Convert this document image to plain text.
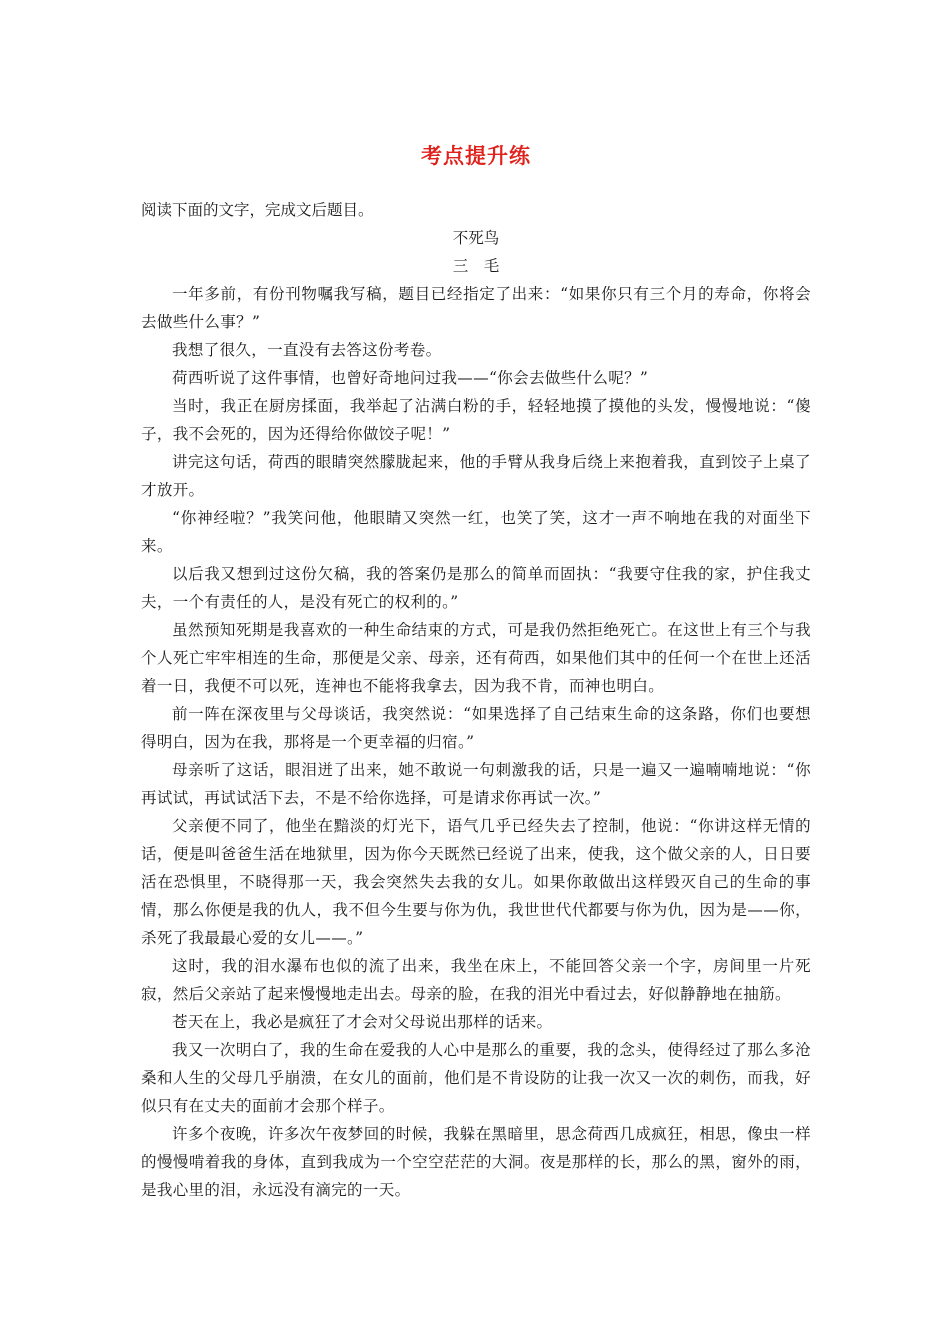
考点提升练

阅读下面的文字，完成文后题目。

不死鸟

三　毛

一年多前，有份刊物嘱我写稿，题目已经指定了出来：“如果你只有三个月的寿命，你将会去做些什么事？”

我想了很久，一直没有去答这份考卷。

荷西听说了这件事情，也曾好奇地问过我——“你会去做些什么呢？”

当时，我正在厨房揉面，我举起了沾满白粉的手，轻轻地摸了摸他的头发，慢慢地说：“傻子，我不会死的，因为还得给你做饺子呢！”

讲完这句话，荷西的眼睛突然朦胧起来，他的手臂从我身后绕上来抱着我，直到饺子上桌了才放开。

“你神经啦？”我笑问他，他眼睛又突然一红，也笑了笑，这才一声不响地在我的对面坐下来。

以后我又想到过这份欠稿，我的答案仍是那么的简单而固执：“我要守住我的家，护住我丈夫，一个有责任的人，是没有死亡的权利的。”

虽然预知死期是我喜欢的一种生命结束的方式，可是我仍然拒绝死亡。在这世上有三个与我个人死亡牢牢相连的生命，那便是父亲、母亲，还有荷西，如果他们其中的任何一个在世上还活着一日，我便不可以死，连神也不能将我拿去，因为我不肯，而神也明白。

前一阵在深夜里与父母谈话，我突然说：“如果选择了自己结束生命的这条路，你们也要想得明白，因为在我，那将是一个更幸福的归宿。”

母亲听了这话，眼泪迸了出来，她不敢说一句刺激我的话，只是一遍又一遍喃喃地说：“你再试试，再试试活下去，不是不给你选择，可是请求你再试一次。”

父亲便不同了，他坐在黯淡的灯光下，语气几乎已经失去了控制，他说：“你讲这样无情的话，便是叫爸爸生活在地狱里，因为你今天既然已经说了出来，使我，这个做父亲的人，日日要活在恐惧里，不晓得那一天，我会突然失去我的女儿。如果你敢做出这样毁灭自己的生命的事情，那么你便是我的仇人，我不但今生要与你为仇，我世世代代都要与你为仇，因为是——你，杀死了我最最心爱的女儿——。”

这时，我的泪水瀑布也似的流了出来，我坐在床上，不能回答父亲一个字，房间里一片死寂，然后父亲站了起来慢慢地走出去。母亲的脸，在我的泪光中看过去，好似静静地在抽筋。

苍天在上，我必是疯狂了才会对父母说出那样的话来。

我又一次明白了，我的生命在爱我的人心中是那么的重要，我的念头，使得经过了那么多沧桑和人生的父母几乎崩溃，在女儿的面前，他们是不肯设防的让我一次又一次的刺伤，而我，好似只有在丈夫的面前才会那个样子。

许多个夜晚，许多次午夜梦回的时候，我躲在黑暗里，思念荷西几成疯狂，相思，像虫一样的慢慢啃着我的身体，直到我成为一个空空茫茫的大洞。夜是那样的长，那么的黑，窗外的雨，是我心里的泪，永远没有滴完的一天。
